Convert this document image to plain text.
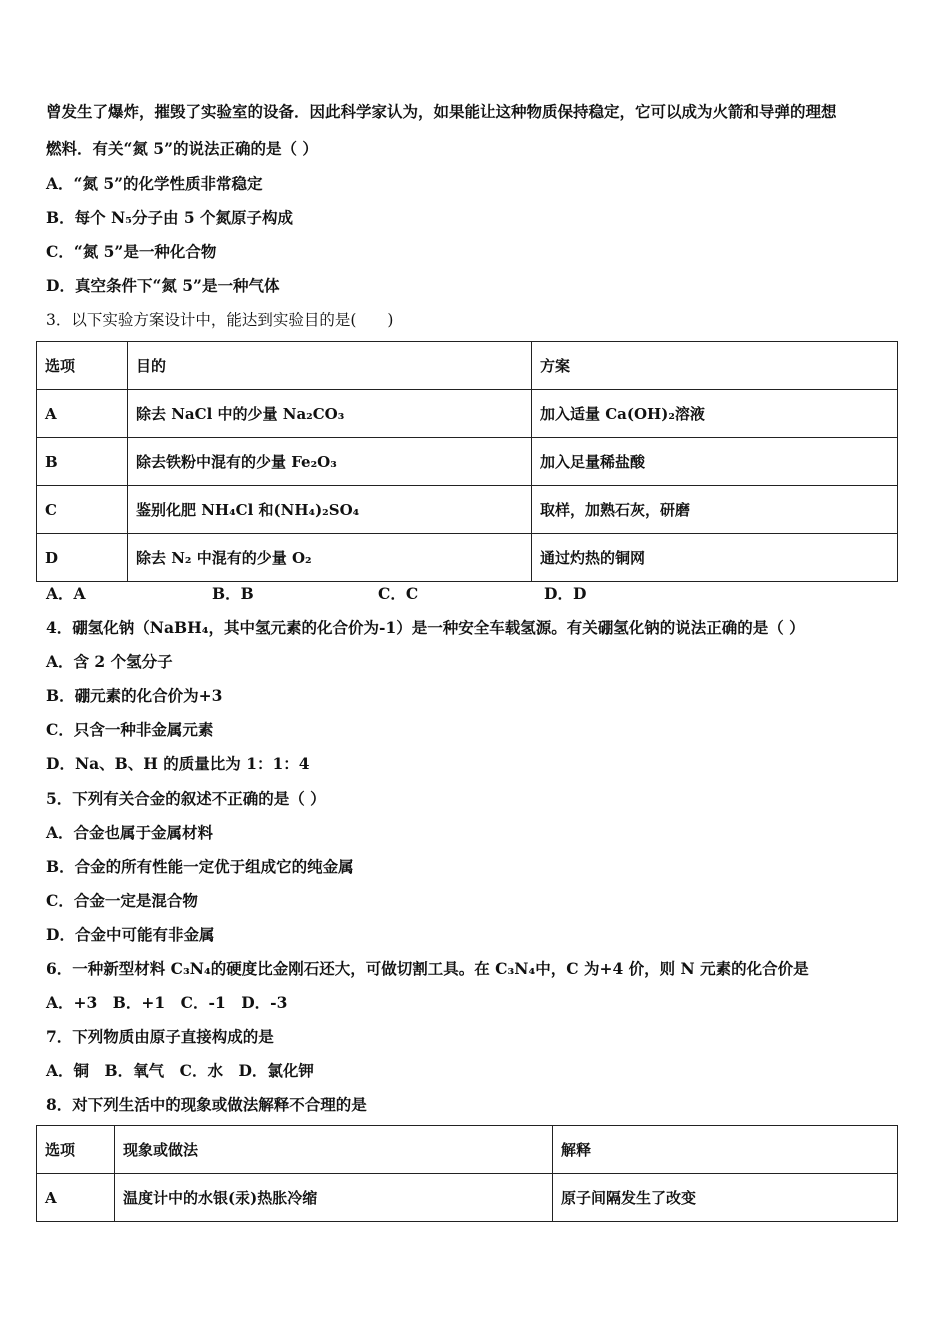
曾发生了爆炸，摧毁了实验室的设备．因此科学家认为，如果能让这种物质保持稳定，它可以成为火箭和导弹的理想
燃料．有关“氮 5”的说法正确的是（ ）
A．“氮 5”的化学性质非常稳定
B．每个 N₅分子由 5 个氮原子构成
C．“氮 5”是一种化合物
D．真空条件下“氮 5”是一种气体
3．以下实验方案设计中，能达到实验目的是(　　)
选项	目的	方案
A	除去 NaCl 中的少量 Na₂CO₃	加入适量 Ca(OH)₂溶液
B	除去铁粉中混有的少量 Fe₂O₃	加入足量稀盐酸
C	鉴别化肥 NH₄Cl 和(NH₄)₂SO₄	取样，加熟石灰，研磨
D	除去 N₂ 中混有的少量 O₂	通过灼热的铜网
A．A	B．B	C．C	D．D
4．硼氢化钠（NaBH₄，其中氢元素的化合价为-1）是一种安全车载氢源。有关硼氢化钠的说法正确的是（ ）
A．含 2 个氢分子
B．硼元素的化合价为+3
C．只含一种非金属元素
D．Na、B、H 的质量比为 1：1：4
5．下列有关合金的叙述不正确的是（ ）
A．合金也属于金属材料
B．合金的所有性能一定优于组成它的纯金属
C．合金一定是混合物
D．合金中可能有非金属
6．一种新型材料 C₃N₄的硬度比金刚石还大，可做切割工具。在 C₃N₄中，C 为+4 价，则 N 元素的化合价是
A．+3　B．+1　C．-1　D．-3
7．下列物质由原子直接构成的是
A．铜　B．氧气　C．水　D．氯化钾
8．对下列生活中的现象或做法解释不合理的是
选项	现象或做法	解释
A	温度计中的水银(汞)热胀冷缩	原子间隔发生了改变
